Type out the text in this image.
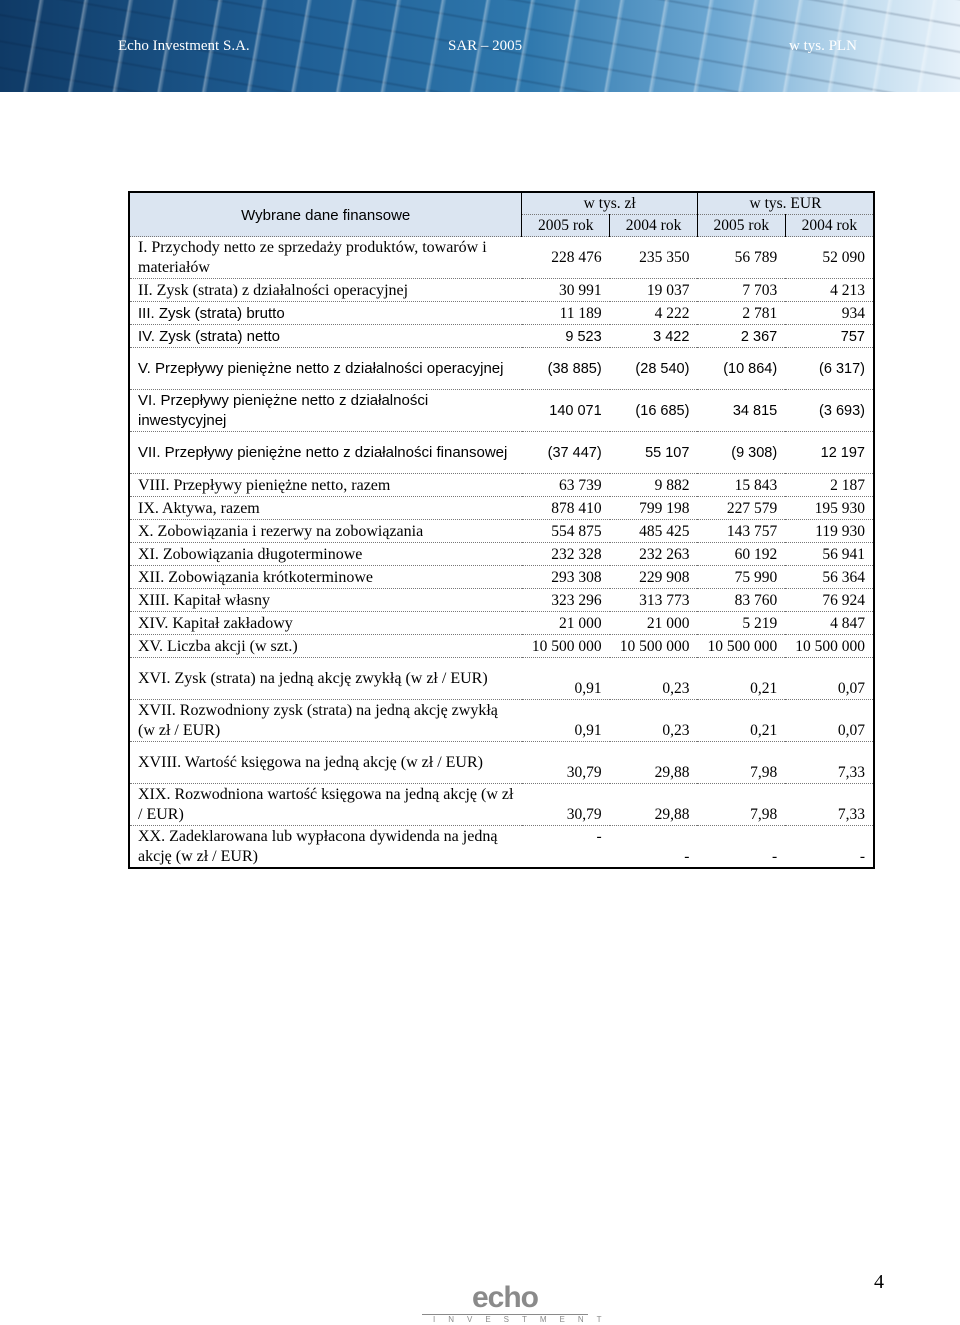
Echo Investment S.A.	SAR – 2005	w tys. PLN
Wybrane dane finansowe	w tys. zł		w tys. EUR	
	2005 rok	2004 rok	2005 rok	2004 rok
I. Przychody netto ze sprzedaży produktów, towarów i materiałów	228 476	235 350	56 789	52 090
II. Zysk (strata) z działalności operacyjnej	30 991	19 037	7 703	4 213
III. Zysk (strata) brutto	11 189	4 222	2 781	934
IV. Zysk (strata) netto	9 523	3 422	2 367	757
V. Przepływy pieniężne netto z działalności operacyjnej	(38 885)	(28 540)	(10 864)	(6 317)
VI. Przepływy pieniężne netto z działalności inwestycyjnej	140 071	(16 685)	34 815	(3 693)
VII. Przepływy pieniężne netto z działalności finansowej	(37 447)	55 107	(9 308)	12 197
VIII. Przepływy pieniężne netto, razem	63 739	9 882	15 843	2 187
IX. Aktywa, razem	878 410	799 198	227 579	195 930
X. Zobowiązania i rezerwy na zobowiązania	554 875	485 425	143 757	119 930
XI. Zobowiązania długoterminowe	232 328	232 263	60 192	56 941
XII. Zobowiązania krótkoterminowe	293 308	229 908	75 990	56 364
XIII. Kapitał własny	323 296	313 773	83 760	76 924
XIV. Kapitał zakładowy	21 000	21 000	5 219	4 847
XV. Liczba akcji (w szt.)	10 500 000	10 500 000	10 500 000	10 500 000
XVI. Zysk (strata) na jedną akcję zwykłą (w zł / EUR)	0,91	0,23	0,21	0,07
XVII. Rozwodniony zysk (strata) na jedną akcję zwykłą (w zł / EUR)	0,91	0,23	0,21	0,07
XVIII. Wartość księgowa na jedną akcję (w zł / EUR)	30,79	29,88	7,98	7,33
XIX. Rozwodniona wartość księgowa na jedną akcję (w zł / EUR)	30,79	29,88	7,98	7,33
XX. Zadeklarowana lub wypłacona dywidenda na jedną akcję (w zł / EUR)	-	-	-	-
4
echo
INVESTMENT
